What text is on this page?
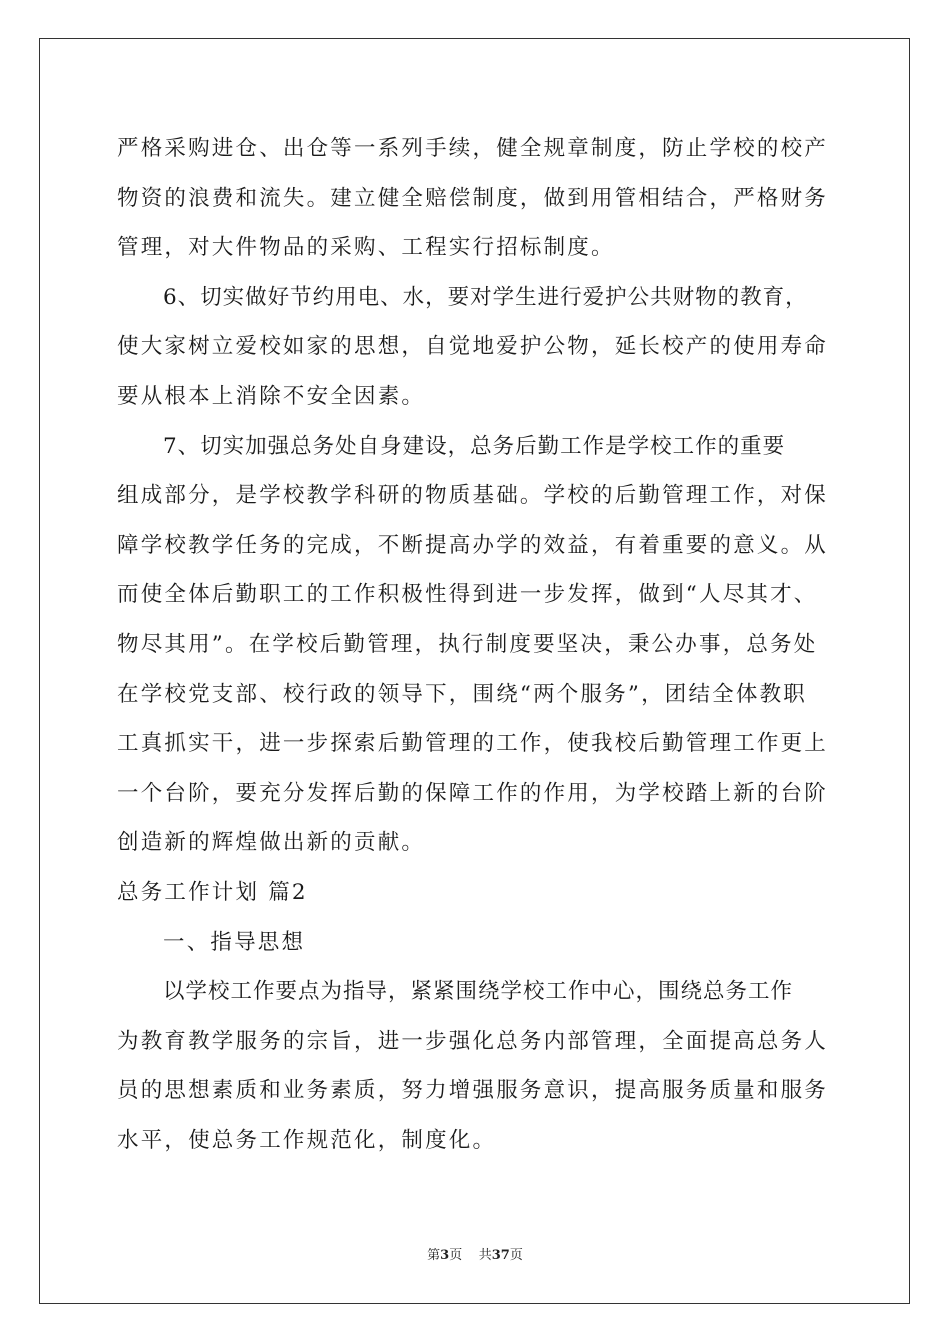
严格采购进仓、出仓等一系列手续，健全规章制度，防止学校的校产
物资的浪费和流失。建立健全赔偿制度，做到用管相结合，严格财务
管理，对大件物品的采购、工程实行招标制度。
6、切实做好节约用电、水，要对学生进行爱护公共财物的教育，
使大家树立爱校如家的思想，自觉地爱护公物，延长校产的使用寿命
要从根本上消除不安全因素。
7、切实加强总务处自身建设，总务后勤工作是学校工作的重要
组成部分，是学校教学科研的物质基础。学校的后勤管理工作，对保
障学校教学任务的完成，不断提高办学的效益，有着重要的意义。从
而使全体后勤职工的工作积极性得到进一步发挥，做到“人尽其才、
物尽其用”。在学校后勤管理，执行制度要坚决，秉公办事，总务处
在学校党支部、校行政的领导下，围绕“两个服务”，团结全体教职
工真抓实干，进一步探索后勤管理的工作，使我校后勤管理工作更上
一个台阶，要充分发挥后勤的保障工作的作用，为学校踏上新的台阶
创造新的辉煌做出新的贡献。
总务工作计划 篇2
一、指导思想
以学校工作要点为指导，紧紧围绕学校工作中心，围绕总务工作
为教育教学服务的宗旨，进一步强化总务内部管理，全面提高总务人
员的思想素质和业务素质，努力增强服务意识，提高服务质量和服务
水平，使总务工作规范化，制度化。
第3页 共37页
